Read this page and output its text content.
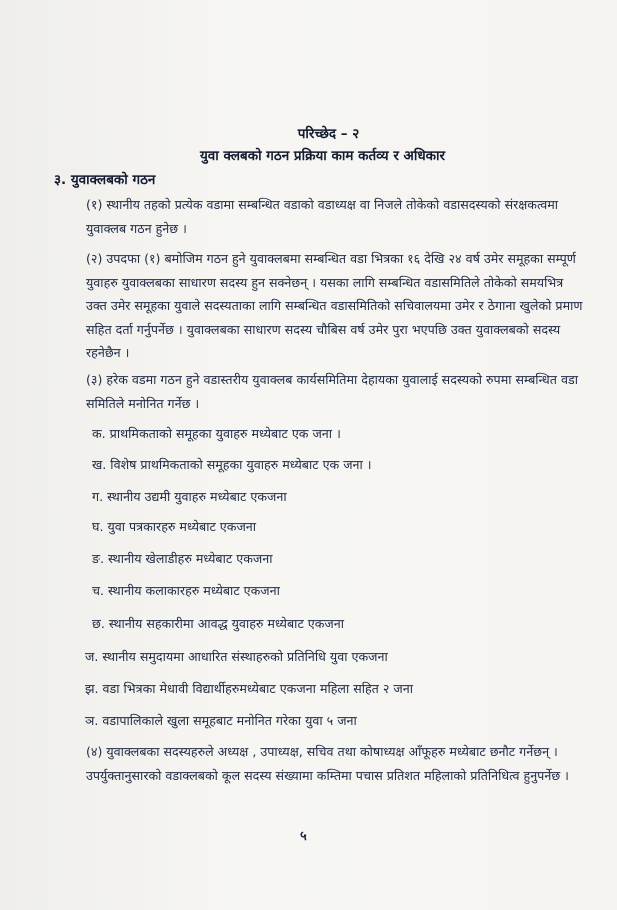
परिच्छेद – २
युवा क्लबको गठन प्रक्रिया काम कर्तव्य र अधिकार
३. युवाक्लबको गठन
(१) स्थानीय तहको प्रत्येक वडामा सम्बन्धित वडाको वडाध्यक्ष वा निजले तोकेको वडासदस्यको संरक्षकत्वमा युवाक्लब गठन हुनेछ ।
(२) उपदफा (१) बमोजिम गठन हुने युवाक्लबमा सम्बन्धित वडा भित्रका १६ देखि २४ वर्ष उमेर समूहका सम्पूर्ण युवाहरु युवाक्लबका साधारण सदस्य हुन सक्नेछन् । यसका लागि सम्बन्धित वडासमितिले तोकेको समयभित्र उक्त उमेर समूहका युवाले सदस्यताका लागि सम्बन्धित वडासमितिको सचिवालयमा उमेर र ठेगाना खुलेको प्रमाण सहित दर्ता गर्नुपर्नेछ । युवाक्लबका साधारण सदस्य चौबिस वर्ष उमेर पुरा भएपछि उक्त युवाक्लबको सदस्य रहनेछैन ।
(३) हरेक वडमा गठन हुने वडास्तरीय युवाक्लब कार्यसमितिमा देहायका युवालाई सदस्यको रुपमा सम्बन्धित वडा समितिले मनोनित गर्नेछ ।
क. प्राथमिकताको समूहका युवाहरु मध्येबाट एक जना ।
ख. विशेष प्राथमिकताको समूहका युवाहरु मध्येबाट एक जना ।
ग. स्थानीय उद्यमी युवाहरु मध्येबाट एकजना
घ. युवा पत्रकारहरु मध्येबाट एकजना
ङ. स्थानीय खेलाडीहरु मध्येबाट एकजना
च. स्थानीय कलाकारहरु मध्येबाट एकजना
छ. स्थानीय सहकारीमा आवद्ध युवाहरु मध्येबाट एकजना
ज. स्थानीय समुदायमा आधारित संस्थाहरुको प्रतिनिधि युवा एकजना
झ. वडा भित्रका मेधावी विद्यार्थीहरुमध्येबाट एकजना महिला सहित २ जना
ञ. वडापालिकाले खुला समूहबाट मनोनित गरेका युवा ५ जना
(४) युवाक्लबका सदस्यहरुले अध्यक्ष , उपाध्यक्ष, सचिव तथा कोषाध्यक्ष आँफूहरु मध्येबाट छनौट गर्नेछन् । उपर्युक्तानुसारको वडाक्लबको कूल सदस्य संख्यामा कम्तिमा पचास प्रतिशत महिलाको प्रतिनिधित्व हुनुपर्नेछ ।
५
